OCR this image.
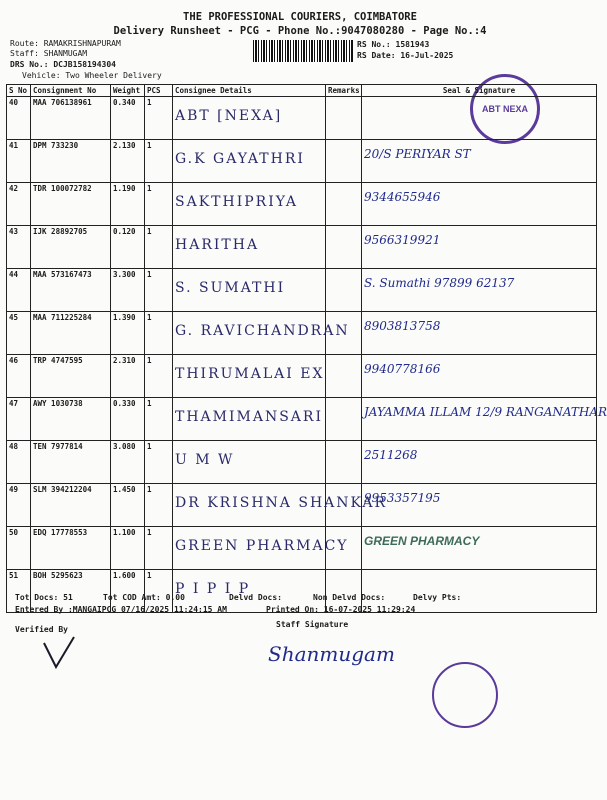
THE PROFESSIONAL COURIERS, COIMBATORE
Delivery Runsheet - PCG - Phone No.:9047080280 - Page No.:4
Route: RAMAKRISHNAPURAM
Staff: SHANMUGAM
DRS No.: DCJB158194304
Vehicle: Two Wheeler Delivery
RS No.: 1581943
RS Date: 16-Jul-2025
ABT NEXA
S No	Consignment No	Weight	PCS	Consignee Details	Remarks	Seal & Signature
40	MAA 706138961	0.340	1	ABT [NEXA]		

41	DPM 733230	2.130	1	G.K GAYATHRI		20/S PERIYAR ST

42	TDR 100072782	1.190	1	SAKTHIPRIYA		9344655946

43	IJK 28892705	0.120	1	HARITHA		9566319921

44	MAA 573167473	3.300	1	S. SUMATHI		S. Sumathi 97899 62137

45	MAA 711225284	1.390	1	G. RAVICHANDRAN		8903813758

46	TRP 4747595	2.310	1	THIRUMALAI EX		9940778166

47	AWY 1030738	0.330	1	THAMIMANSARI		JAYAMMA ILLAM 12/9 RANGANATHAR

48	TEN 7977814	3.080	1	U M W		2511268

49	SLM 394212204	1.450	1	DR KRISHNA SHANKAR		9953357195

50	EDQ 17778553	1.100	1	GREEN PHARMACY		GREEN PHARMACY

51	BOH 5295623	1.600	1	P I P I P		

Tot Docs: 51	Tot COD Amt: 0.00	Delvd Docs:	Non Delvd Docs:	Delvy Pts:
Entered By :MANGAIPCG 07/16/2025 11:24:15 AM	Printed On: 16-07-2025 11:29:24
Verified By
Staff Signature
Shanmugam
